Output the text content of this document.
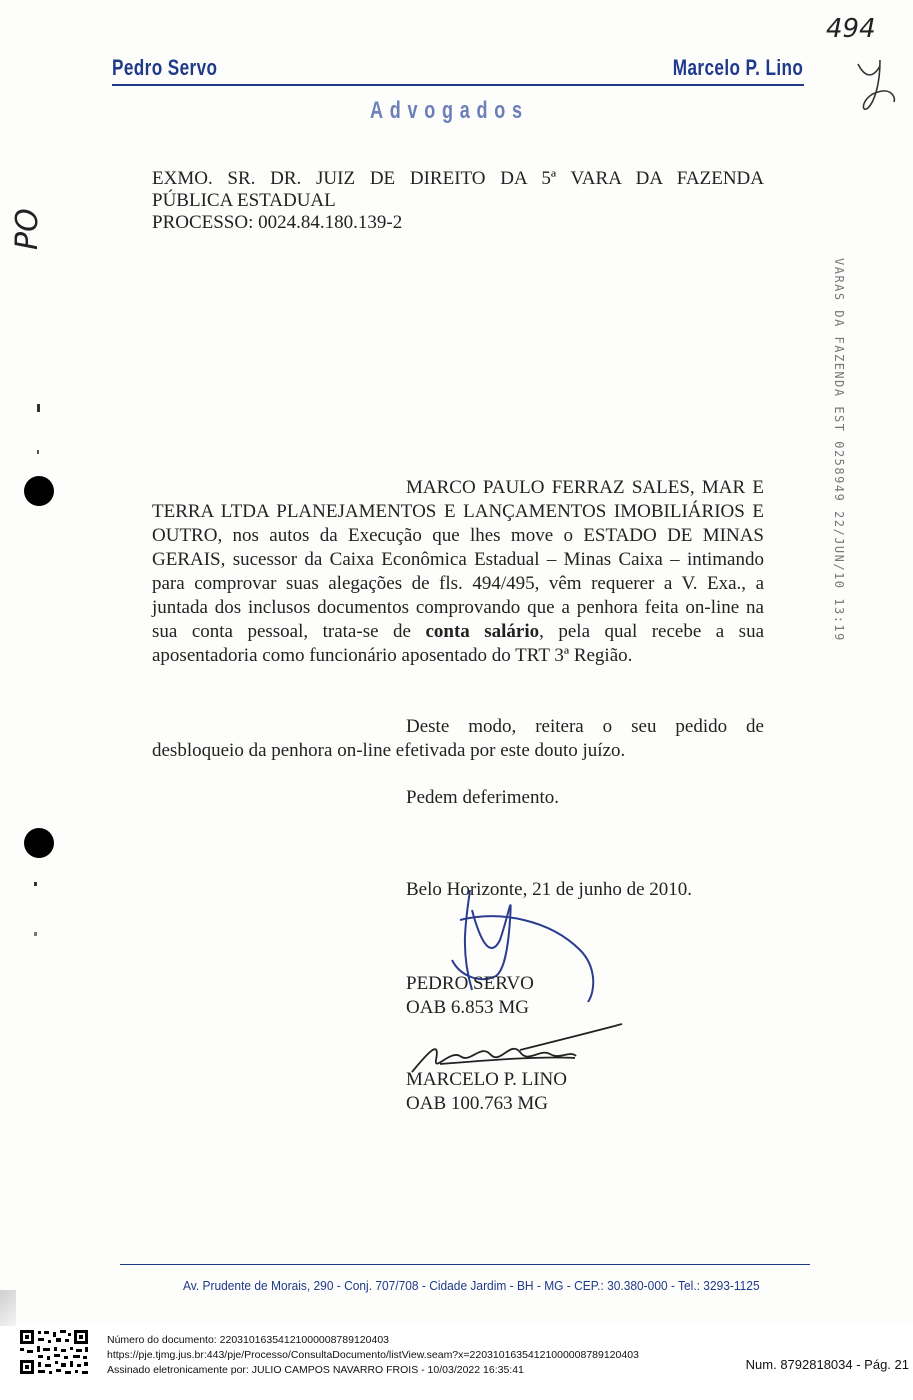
494
Pedro Servo	Marcelo P. Lino
Advogados
PO
EXMO. SR. DR. JUIZ DE DIREITO DA 5ª VARA DA FAZENDA
PÚBLICA ESTADUAL
PROCESSO: 0024.84.180.139-2
VARAS DA FAZENDA EST 0258949 22/JUN/10 13:19
MARCO PAULO FERRAZ SALES, MAR E TERRA LTDA PLANEJAMENTOS E LANÇAMENTOS IMOBILIÁRIOS E OUTRO, nos autos da Execução que lhes move o ESTADO DE MINAS GERAIS, sucessor da Caixa Econômica Estadual – Minas Caixa – intimando para comprovar suas alegações de fls. 494/495, vêm requerer a V. Exa., a juntada dos inclusos documentos comprovando que a penhora feita on-line na sua conta pessoal, trata-se de conta salário, pela qual recebe a sua aposentadoria como funcionário aposentado do TRT 3ª Região.
Deste modo, reitera o seu pedido de desbloqueio da penhora on-line efetivada por este douto juízo.
Pedem deferimento.
Belo Horizonte, 21 de junho de 2010.
PEDRO SERVO
OAB 6.853 MG
MARCELO P. LINO
OAB 100.763 MG
Av. Prudente de Morais, 290 - Conj. 707/708 - Cidade Jardim - BH - MG - CEP.: 30.380-000 - Tel.: 3293-1125
Número do documento: 22031016354121000008789120403
https://pje.tjmg.jus.br:443/pje/Processo/ConsultaDocumento/listView.seam?x=22031016354121000008789120403
Assinado eletronicamente por: JULIO CAMPOS NAVARRO FROIS - 10/03/2022 16:35:41	Num. 8792818034 - Pág. 21
